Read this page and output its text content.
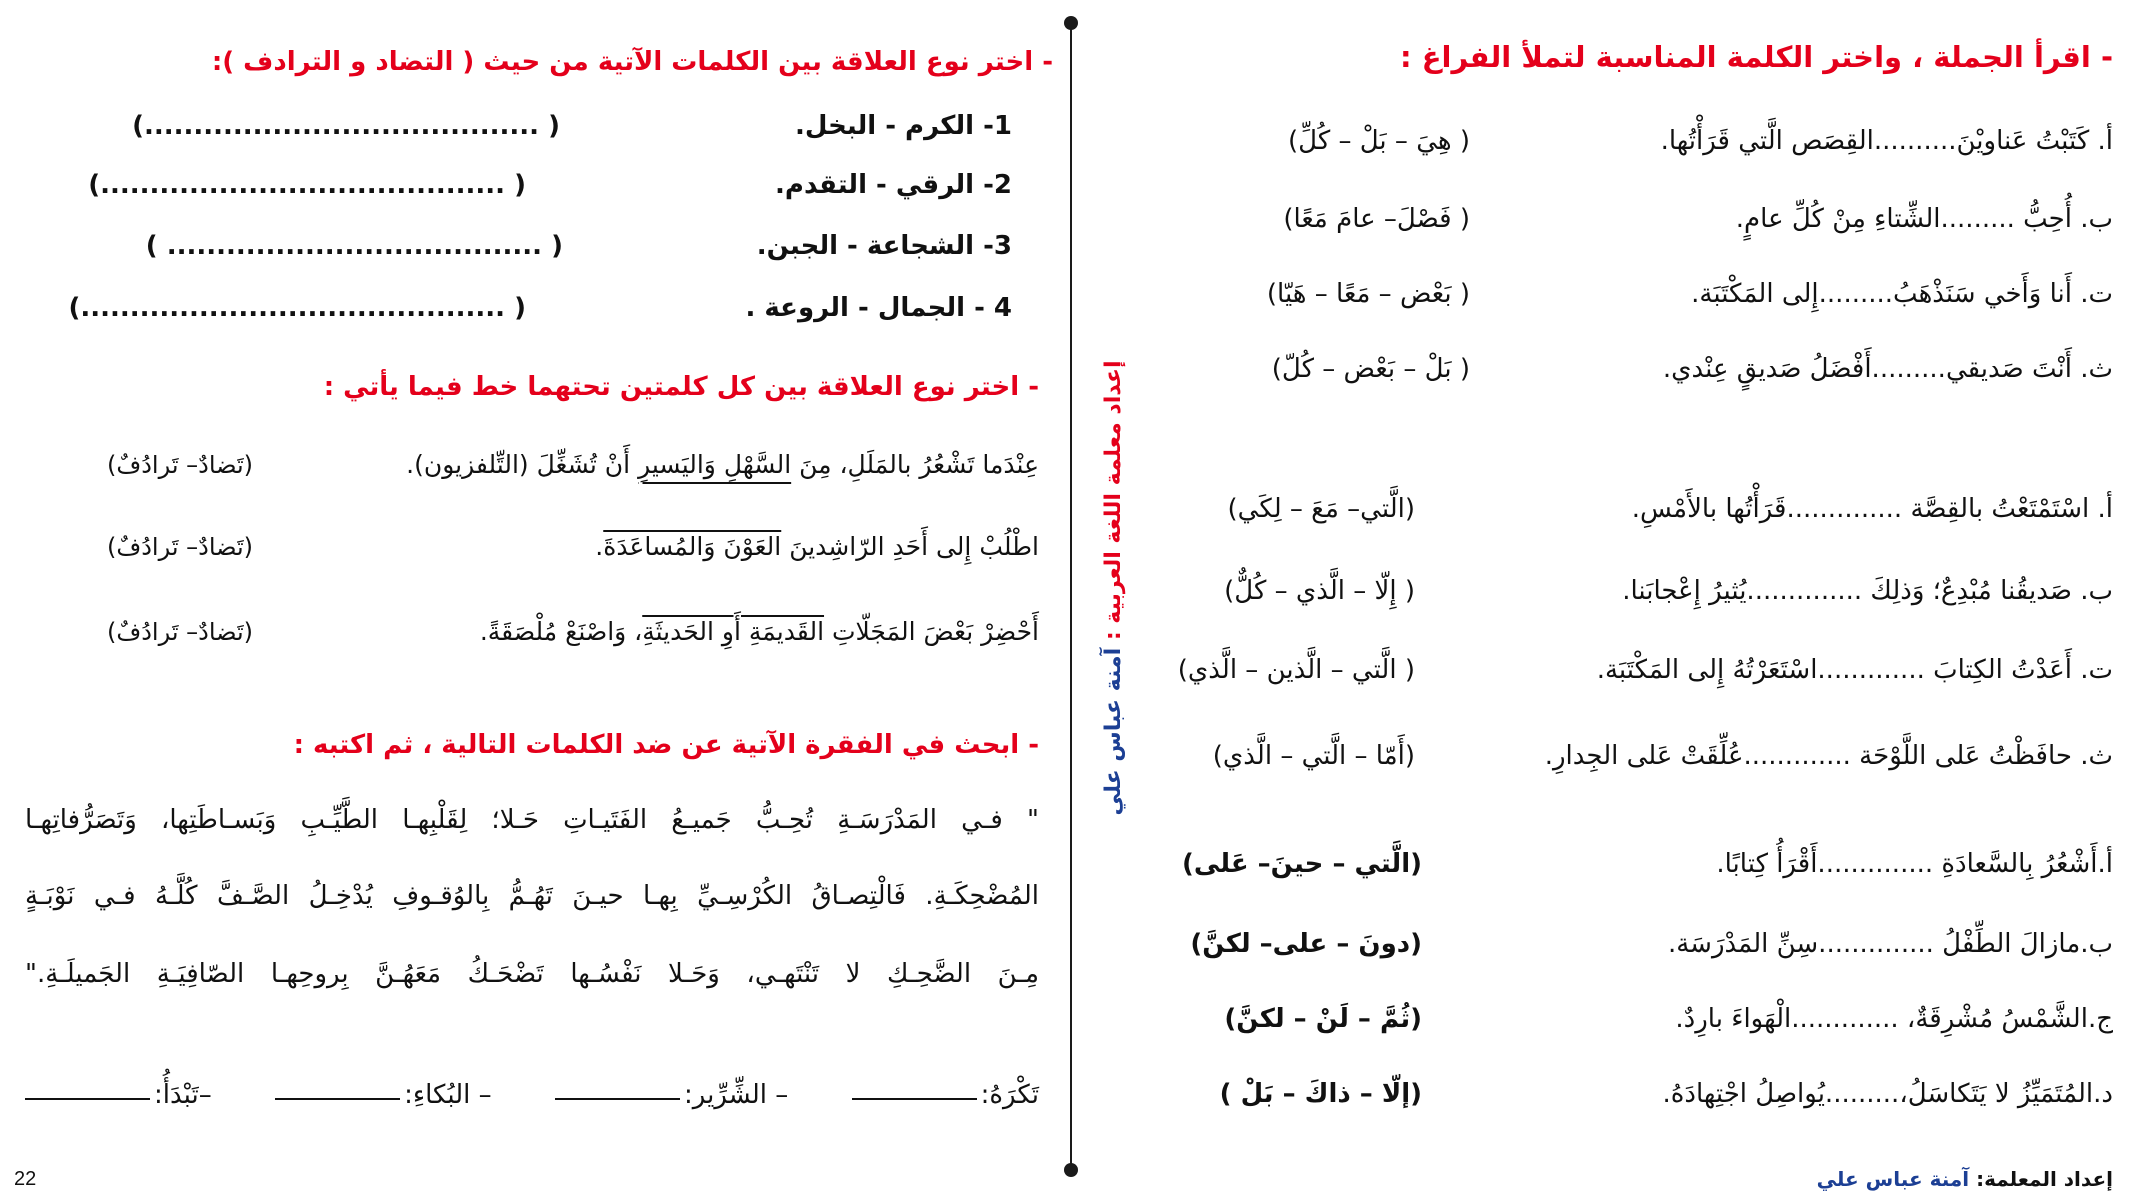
- اقرأ الجملة ، واختر الكلمة المناسبة لتملأ الفراغ :
أ. كَتَبْتُ عَناويْنَ..........القِصَص الَّتي قَرَأْتُها.
( هِيَ – بَلْ – كُلِّ)
ب. أُحِبُّ .........الشِّتاءِ مِنْ كُلِّ عامٍ.
( فَصْلَ– عامَ مَعًا)
ت. أَنا وَأَخي سَنَذْهَبُ.........إِلى المَكْتَبَة.
( بَعْض – مَعًا – هَيّا)
ث. أَنْتَ صَديقي.........أَفْضَلُ صَديقٍ عِنْدي.
( بَلْ – بَعْض – كُلّ)
أ. اسْتَمْتَعْتُ بالقِصَّة ..............قَرَأْتُها بالأَمْسِ.
(الَّتي– مَعَ – لِكَي)
ب. صَديقُنا مُبْدِعٌ؛ وَذلِكَ ..............يُثيرُ إِعْجابَنا.
( إِلّا – الَّذي – كُلٌّ)
ت. أَعَدْتُ الكِتابَ .............اسْتَعَرْتُهُ إِلى المَكْتَبَة.
( الَّتي – الَّذين – الَّذي)
ث. حافَظْتُ عَلى اللَّوْحَة .............عُلِّقَتْ عَلى الجِدارِ.
(أَمّا – الَّتي – الَّذي)
أ.أَشْعُرُ بِالسَّعادَةِ ..............أَقْرَأُ كِتابًا.
(الَّتي – حينَ– عَلى)
ب.مازالَ الطِّفْلُ ..............سِنِّ المَدْرَسَة.
(دونَ – على– لكنَّ)
ج.الشَّمْسُ مُشْرِقَةٌ، .............الْهَواءَ بارِدٌ.
(ثُمَّ – لَنْ – لكنَّ)
د.المُتَمَيِّزُ لا يَتَكاسَلُ،.........يُواصِلُ اجْتِهادَهُ.
(إلّا – ذاكَ – بَلْ )
إعداد معلمة اللغة العربية : آمنة عباس علي
- اختر نوع العلاقة بين الكلمات الآتية من حيث ( التضاد و الترادف ):
1- الكرم - البخل.
( ........................................)
2- الرقي - التقدم.
( .........................................)
3- الشجاعة - الجبن.
( ...................................... )
4 - الجمال - الروعة .
( ...........................................)
- اختر نوع العلاقة بين كل كلمتين تحتهما خط فيما يأتي :
عِنْدَما تَشْعُرُ بالمَلَلِ، مِنَ السَّهْلِ وَاليَسيرِ أَنْ تُشَغِّلَ (التِّلفزيون).
(تَضادٌ– تَرادُفٌ)
اطْلُبْ إِلى أَحَدِ الرّاشِدينَ العَوْنَ وَالمُساعَدَةَ.
(تَضادٌ– تَرادُفٌ)
أَحْضِرْ بَعْضَ المَجَلّاتِ القَديمَةِ أَوِ الحَديثَةِ، وَاصْنَعْ مُلْصَقَةً.
(تَضادٌ– تَرادُفٌ)
- ابحث في الفقرة الآتية عن ضد الكلمات التالية ، ثم اكتبه :
" فـي المَدْرَسَـةِ تُحِـبُّ جَميـعُ الفَتَيـاتِ حَـلا؛ لِقَلْبِهـا الطَّيِّـبِ وَبَسـاطَتِها، وَتَصَرُّفاتِهـا
المُضْحِكَـةِ. فَالْتِصـاقُ الكُرْسِـيِّ بِهـا حيـنَ تَهُـمُّ بِالوُقـوفِ يُدْخِـلُ الصَّـفَّ كُلَّـهُ فـي نَوْبَـةٍ
مِـنَ الضَّحِـكِ لا تَنْتَهـي، وَحَـلا نَفْسُـها تَضْحَـكُ مَعَهُـنَّ بِروحِهـا الصّافِيَـةِ الجَميلَـةِ."
تَكْرَهُ:
– الشِّرِّير:
– البُكاءِ:
–تَبْدَأُ:
إعداد المعلمة: آمنة عباس علي
22
